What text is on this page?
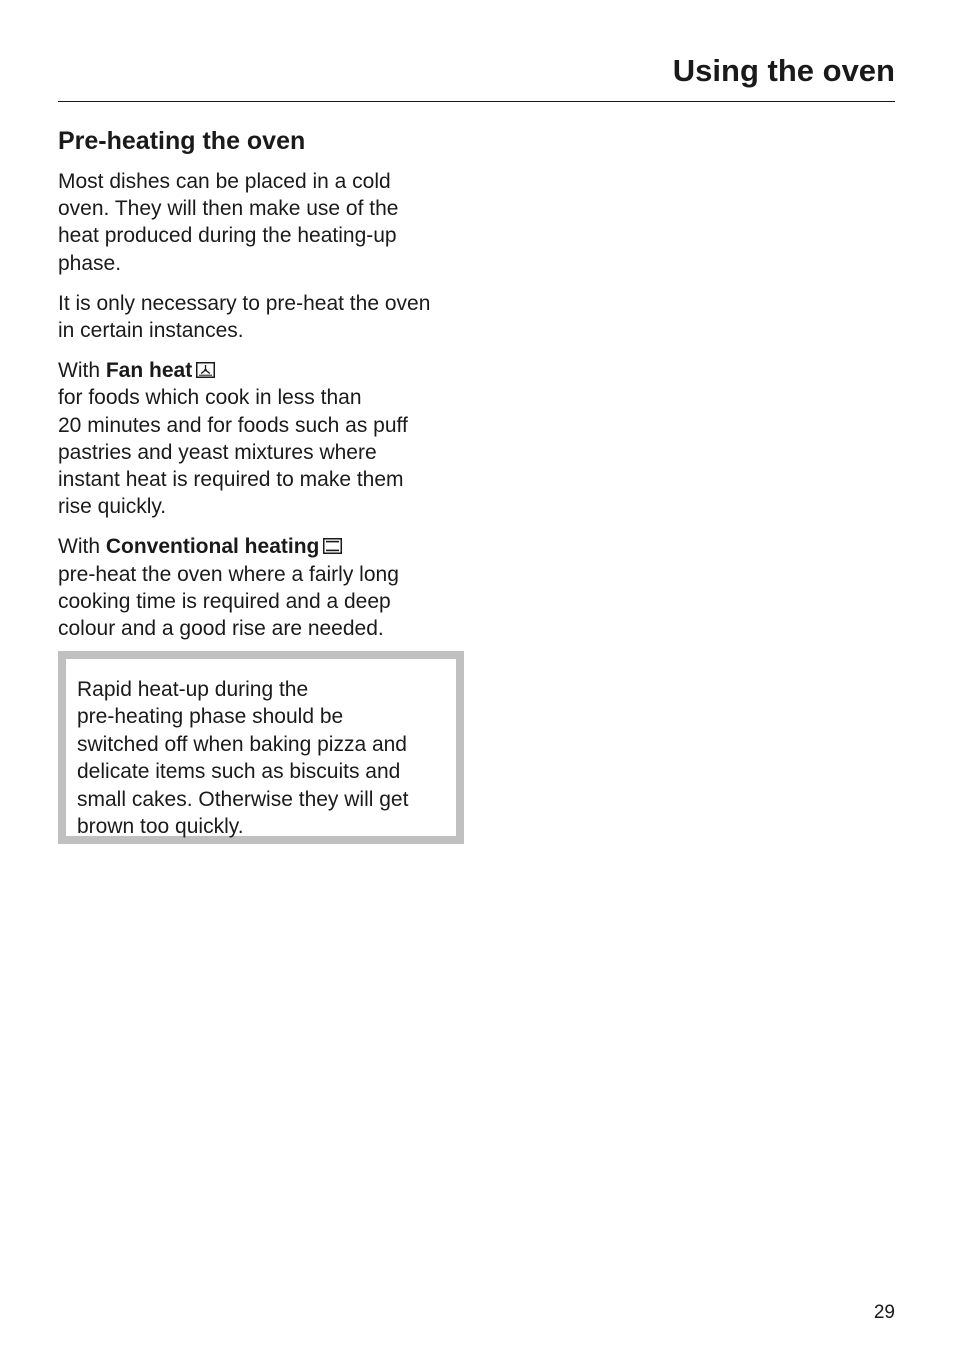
Using the oven
Pre-heating the oven

Most dishes can be placed in a cold
oven. They will then make use of the
heat produced during the heating-up
phase.

It is only necessary to pre-heat the oven
in certain instances.

With Fan heat
for foods which cook in less than
20 minutes and for foods such as puff
pastries and yeast mixtures where
instant heat is required to make them
rise quickly.

With Conventional heating
pre-heat the oven where a fairly long
cooking time is required and a deep
colour and a good rise are needed.

Rapid heat-up during the
pre-heating phase should be
switched off when baking pizza and
delicate items such as biscuits and
small cakes. Otherwise they will get
brown too quickly.
29
